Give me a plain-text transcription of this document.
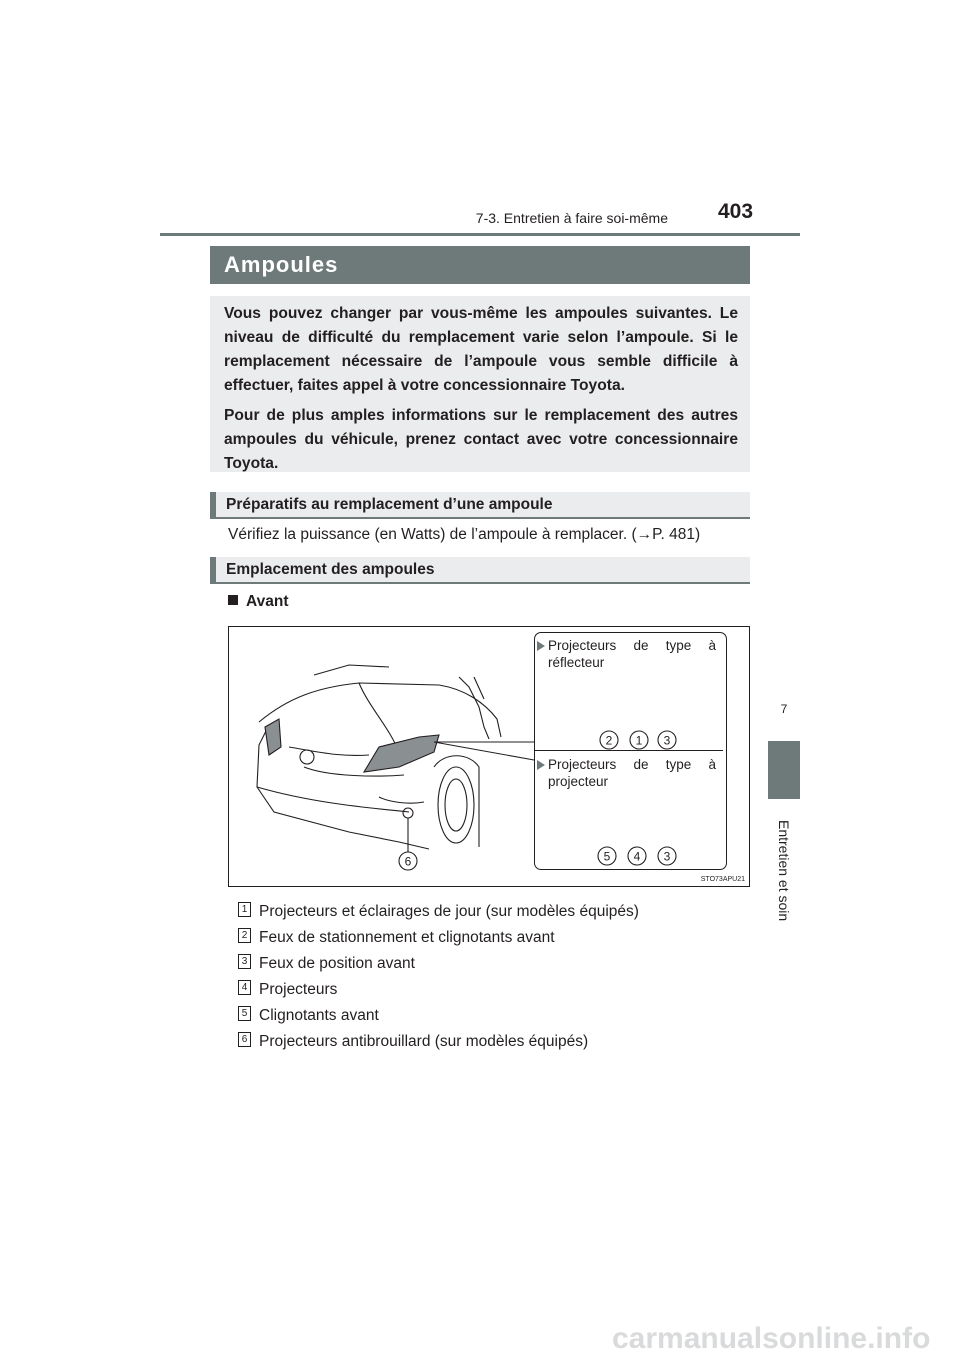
7-3. Entretien à faire soi-même 403
7
Entretien et soin
Ampoules

Vous pouvez changer par vous-même les ampoules suivantes. Le niveau de difficulté du remplacement varie selon l’ampoule. Si le remplacement nécessaire de l’ampoule vous semble difficile à effectuer, faites appel à votre concessionnaire Toyota.

Pour de plus amples informations sur le remplacement des autres ampoules du véhicule, prenez contact avec votre concessionnaire Toyota.

Préparatifs au remplacement d’une ampoule
Vérifiez la puissance (en Watts) de l’ampoule à remplacer. (→P. 481)
Emplacement des ampoules
Avant
Projecteurs de type à
réflecteur
Projecteurs de type à
projecteur
2 1 3
5 4 3
6
STO73APU21
1 Projecteurs et éclairages de jour (sur modèles équipés)
2 Feux de stationnement et clignotants avant
3 Feux de position avant
4 Projecteurs
5 Clignotants avant
6 Projecteurs antibrouillard (sur modèles équipés)
carmanualsonline.info
